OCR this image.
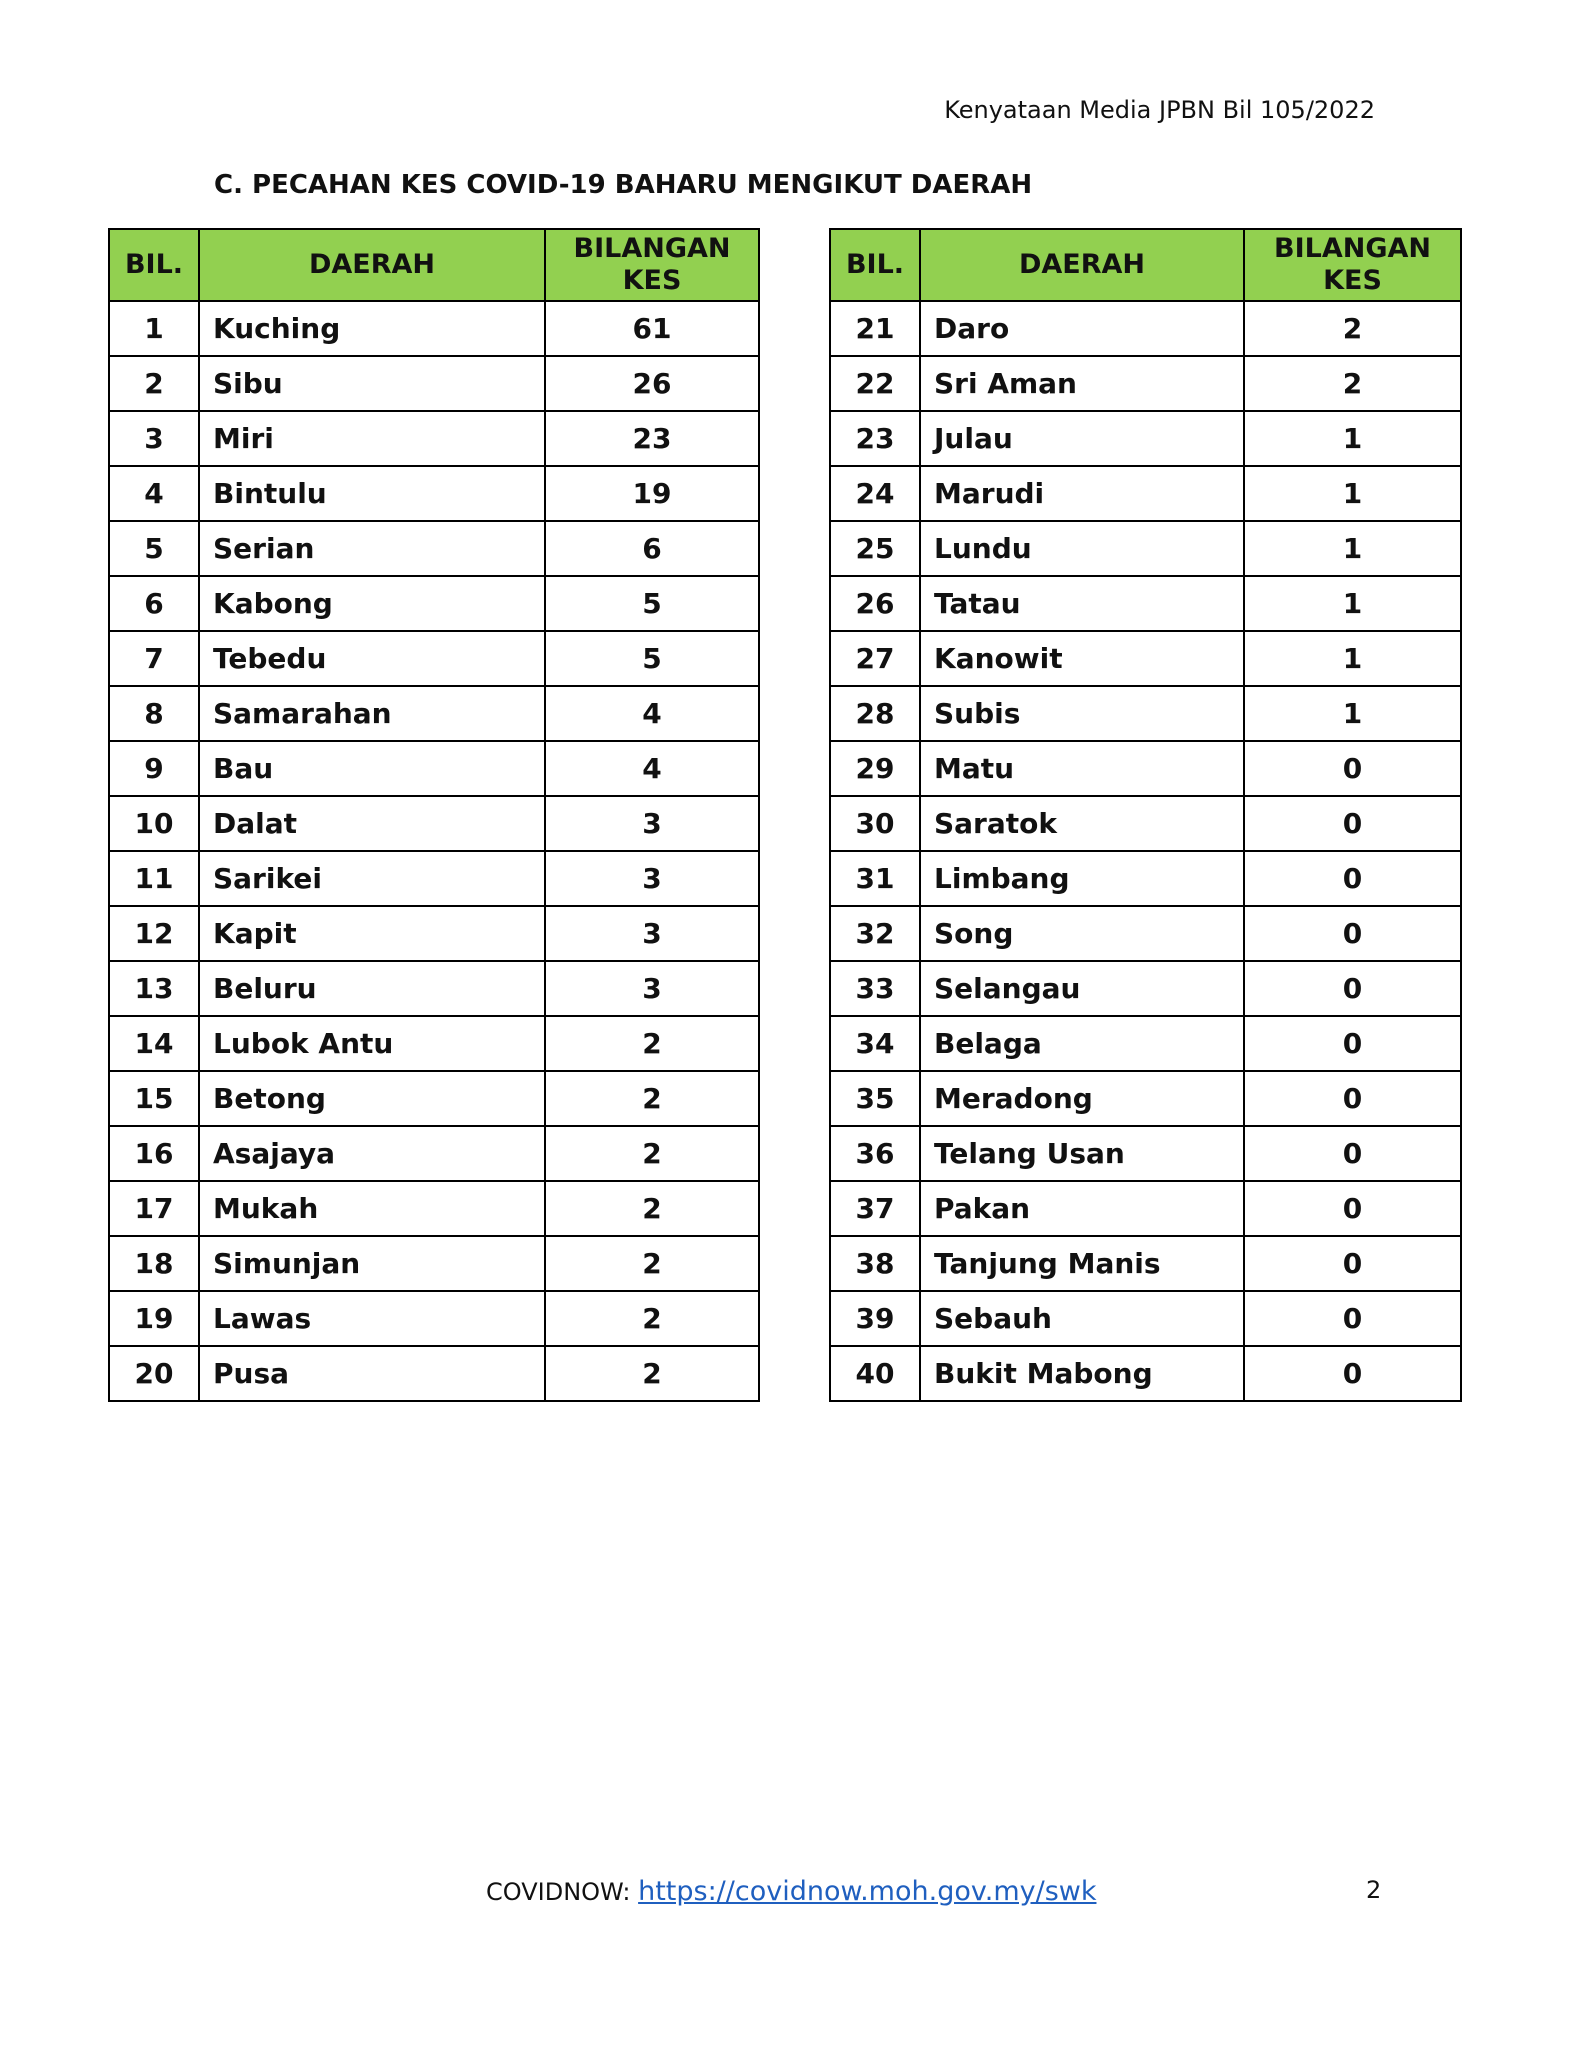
Kenyataan Media JPBN Bil 105/2022
C. PECAHAN KES COVID-19 BAHARU MENGIKUT DAERAH
BIL.	DAERAH	BILANGAN
KES
1	Kuching	61
2	Sibu	26
3	Miri	23
4	Bintulu	19
5	Serian	6
6	Kabong	5
7	Tebedu	5
8	Samarahan	4
9	Bau	4
10	Dalat	3
11	Sarikei	3
12	Kapit	3
13	Beluru	3
14	Lubok Antu	2
15	Betong	2
16	Asajaya	2
17	Mukah	2
18	Simunjan	2
19	Lawas	2
20	Pusa	2
BIL.	DAERAH	BILANGAN
KES
21	Daro	2
22	Sri Aman	2
23	Julau	1
24	Marudi	1
25	Lundu	1
26	Tatau	1
27	Kanowit	1
28	Subis	1
29	Matu	0
30	Saratok	0
31	Limbang	0
32	Song	0
33	Selangau	0
34	Belaga	0
35	Meradong	0
36	Telang Usan	0
37	Pakan	0
38	Tanjung Manis	0
39	Sebauh	0
40	Bukit Mabong	0
COVIDNOW: https://covidnow.moh.gov.my/swk	2
